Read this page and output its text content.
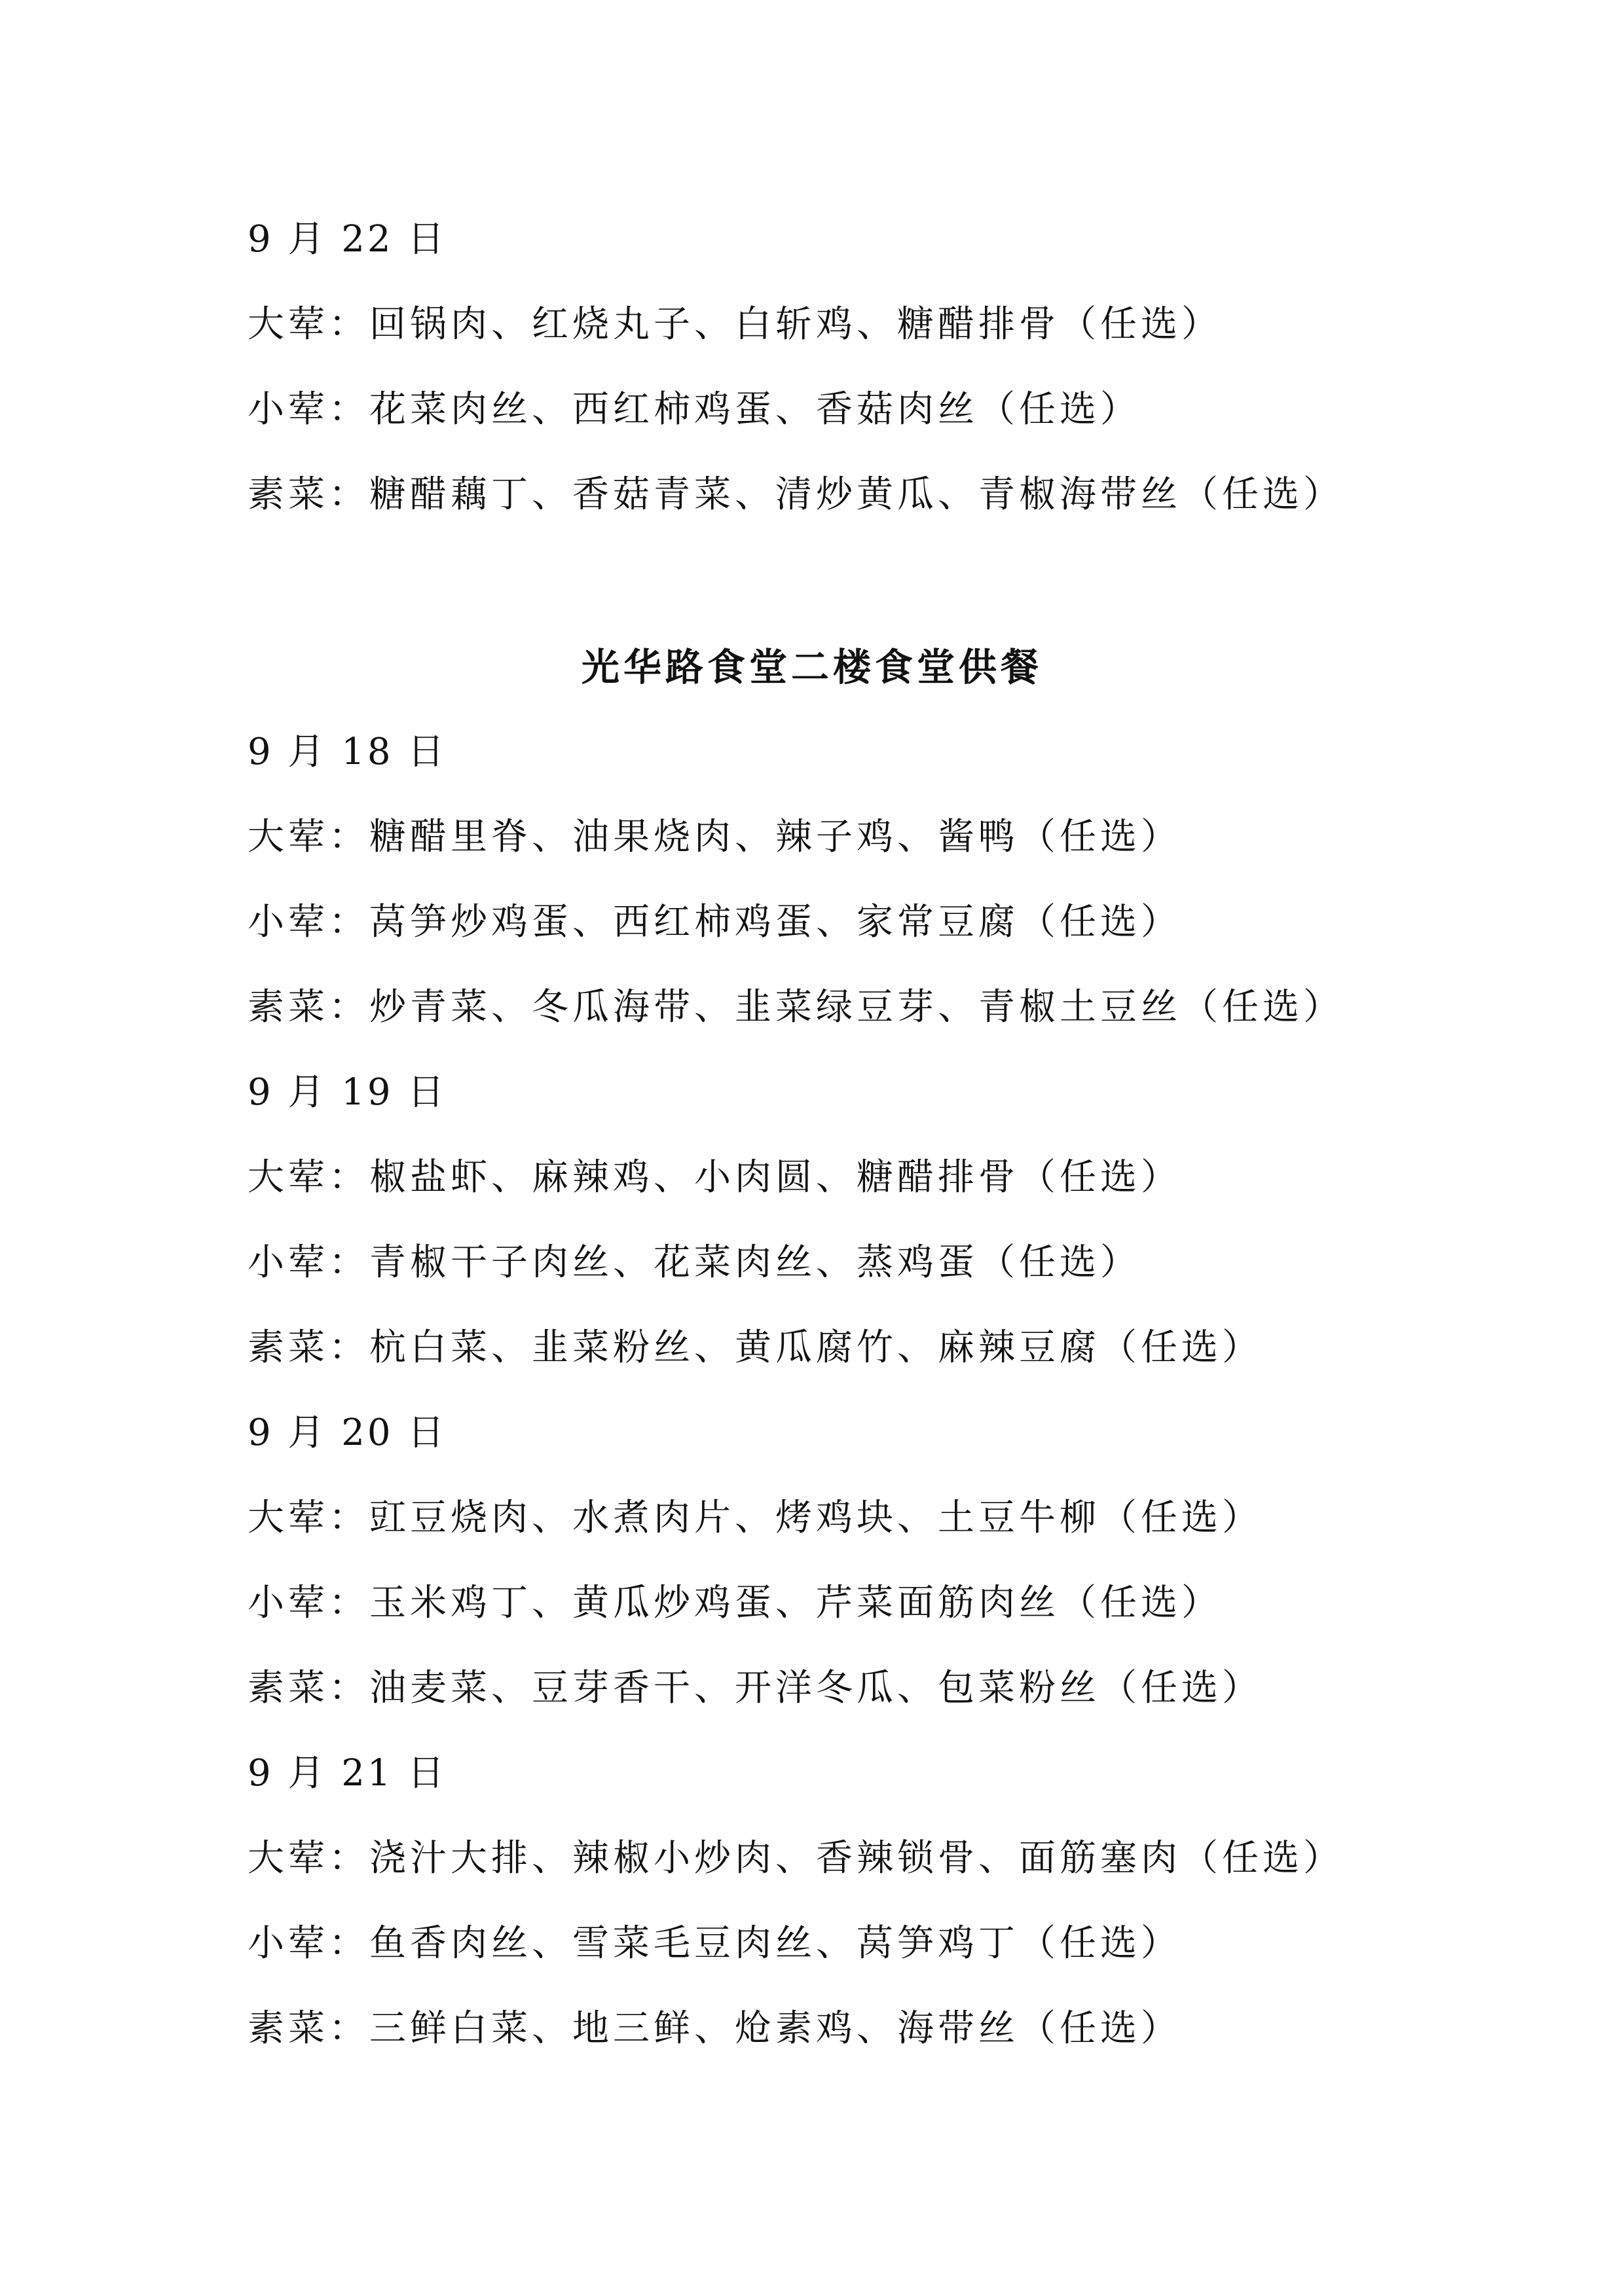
9 月 22 日
大荤：回锅肉、红烧丸子、白斩鸡、糖醋排骨（任选）
小荤：花菜肉丝、西红柿鸡蛋、香菇肉丝（任选）
素菜：糖醋藕丁、香菇青菜、清炒黄瓜、青椒海带丝（任选）
光华路食堂二楼食堂供餐
9 月 18 日
大荤：糖醋里脊、油果烧肉、辣子鸡、酱鸭（任选）
小荤：莴笋炒鸡蛋、西红柿鸡蛋、家常豆腐（任选）
素菜：炒青菜、冬瓜海带、韭菜绿豆芽、青椒土豆丝（任选）
9 月 19 日
大荤：椒盐虾、麻辣鸡、小肉圆、糖醋排骨（任选）
小荤：青椒干子肉丝、花菜肉丝、蒸鸡蛋（任选）
素菜：杭白菜、韭菜粉丝、黄瓜腐竹、麻辣豆腐（任选）
9 月 20 日
大荤：豇豆烧肉、水煮肉片、烤鸡块、土豆牛柳（任选）
小荤：玉米鸡丁、黄瓜炒鸡蛋、芹菜面筋肉丝（任选）
素菜：油麦菜、豆芽香干、开洋冬瓜、包菜粉丝（任选）
9 月 21 日
大荤：浇汁大排、辣椒小炒肉、香辣锁骨、面筋塞肉（任选）
小荤：鱼香肉丝、雪菜毛豆肉丝、莴笋鸡丁（任选）
素菜：三鲜白菜、地三鲜、炝素鸡、海带丝（任选）
